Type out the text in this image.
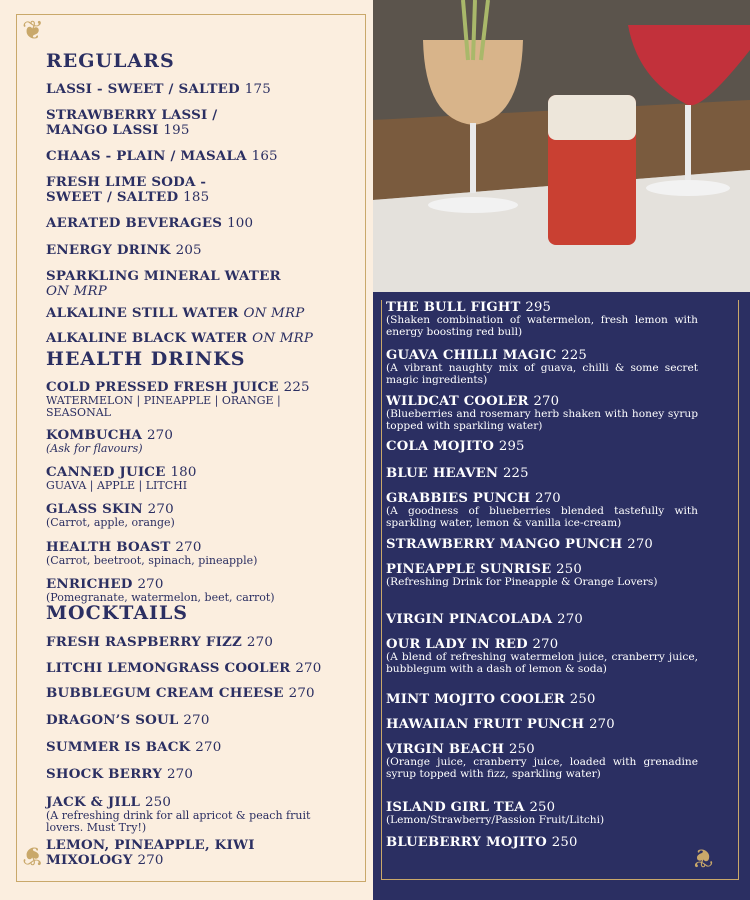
❦
❦	❦
REGULARS
LASSI - SWEET / SALTED 175
STRAWBERRY LASSI /
MANGO LASSI 195
CHAAS - PLAIN / MASALA 165
FRESH LIME SODA -
SWEET / SALTED 185
AERATED BEVERAGES 100
ENERGY DRINK 205
SPARKLING MINERAL WATER
ON MRP
ALKALINE STILL WATER ON MRP
ALKALINE BLACK WATER ON MRP
HEALTH DRINKS
COLD PRESSED FRESH JUICE 225
WATERMELON | PINEAPPLE | ORANGE |
SEASONAL
KOMBUCHA 270
(Ask for flavours)
CANNED JUICE 180
GUAVA | APPLE | LITCHI
GLASS SKIN 270
(Carrot, apple, orange)
HEALTH BOAST 270
(Carrot, beetroot, spinach, pineapple)
ENRICHED 270
(Pomegranate, watermelon, beet, carrot)
MOCKTAILS
FRESH RASPBERRY FIZZ 270
LITCHI LEMONGRASS COOLER 270
BUBBLEGUM CREAM CHEESE 270
DRAGON’S SOUL 270
SUMMER IS BACK 270
SHOCK BERRY 270
JACK & JILL 250
(A refreshing drink for all apricot & peach fruit
lovers. Must Try!)
LEMON, PINEAPPLE, KIWI
MIXOLOGY 270
THE BULL FIGHT 295
(Shaken combination of watermelon, fresh lemon with energy boosting red bull)
GUAVA CHILLI MAGIC 225
(A vibrant naughty mix of guava, chilli & some secret magic ingredients)
WILDCAT COOLER 270
(Blueberries and rosemary herb shaken with honey syrup topped with sparkling water)
COLA MOJITO 295
BLUE HEAVEN 225
GRABBIES PUNCH 270
(A goodness of blueberries blended tastefully with sparkling water, lemon & vanilla ice-cream)
STRAWBERRY MANGO PUNCH 270
PINEAPPLE SUNRISE 250
(Refreshing Drink for Pineapple & Orange Lovers)
VIRGIN PINACOLADA 270
OUR LADY IN RED 270
(A blend of refreshing watermelon juice, cranberry juice, bubblegum with a dash of lemon & soda)
MINT MOJITO COOLER 250
HAWAIIAN FRUIT PUNCH 270
VIRGIN BEACH 250
(Orange juice, cranberry juice, loaded with grenadine syrup topped with fizz, sparkling water)
ISLAND GIRL TEA 250
(Lemon/Strawberry/Passion Fruit/Litchi)
BLUEBERRY MOJITO 250
